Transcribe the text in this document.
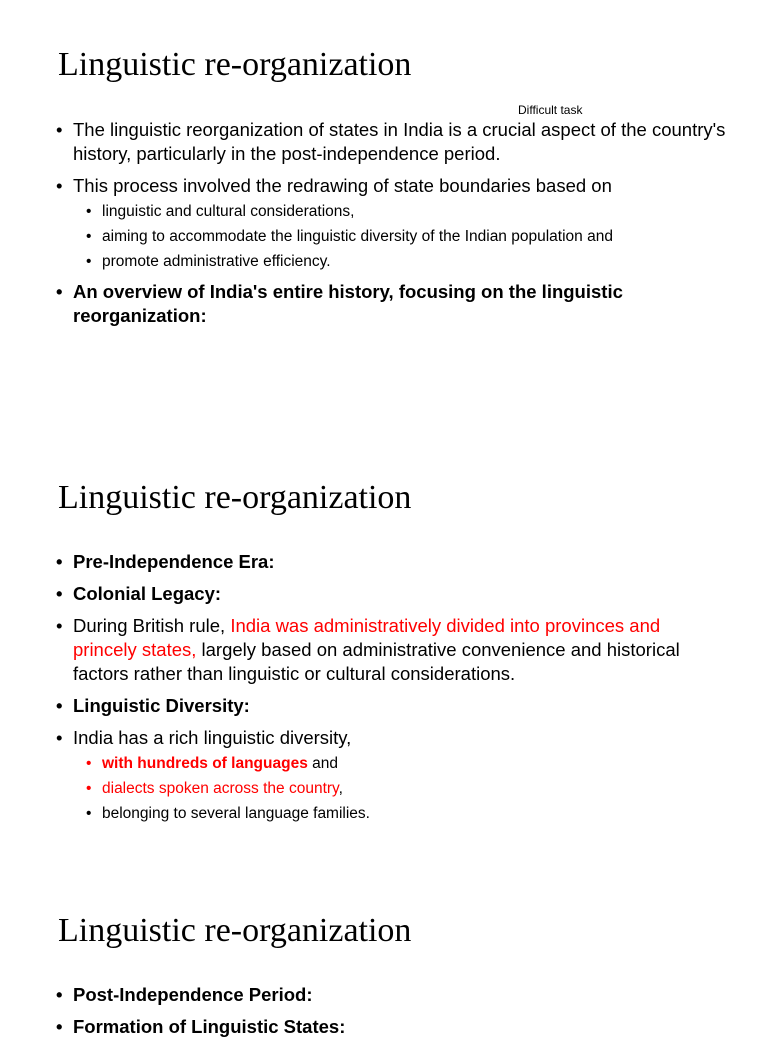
Linguistic re-organization
Difficult task
• The linguistic reorganization of states in India is a crucial aspect of the country's history, particularly in the post-independence period.
• This process involved the redrawing of state boundaries based on
• linguistic and cultural considerations,
• aiming to accommodate the linguistic diversity of the Indian population and
• promote administrative efficiency.
• An overview of India's entire history, focusing on the linguistic reorganization:
Linguistic re-organization
• Pre-Independence Era:
• Colonial Legacy:
• During British rule, India was administratively divided into provinces and princely states, largely based on administrative convenience and historical factors rather than linguistic or cultural considerations.
• Linguistic Diversity:
• India has a rich linguistic diversity,
• with hundreds of languages and
• dialects spoken across the country,
• belonging to several language families.
Linguistic re-organization
• Post-Independence Period:
• Formation of Linguistic States:
